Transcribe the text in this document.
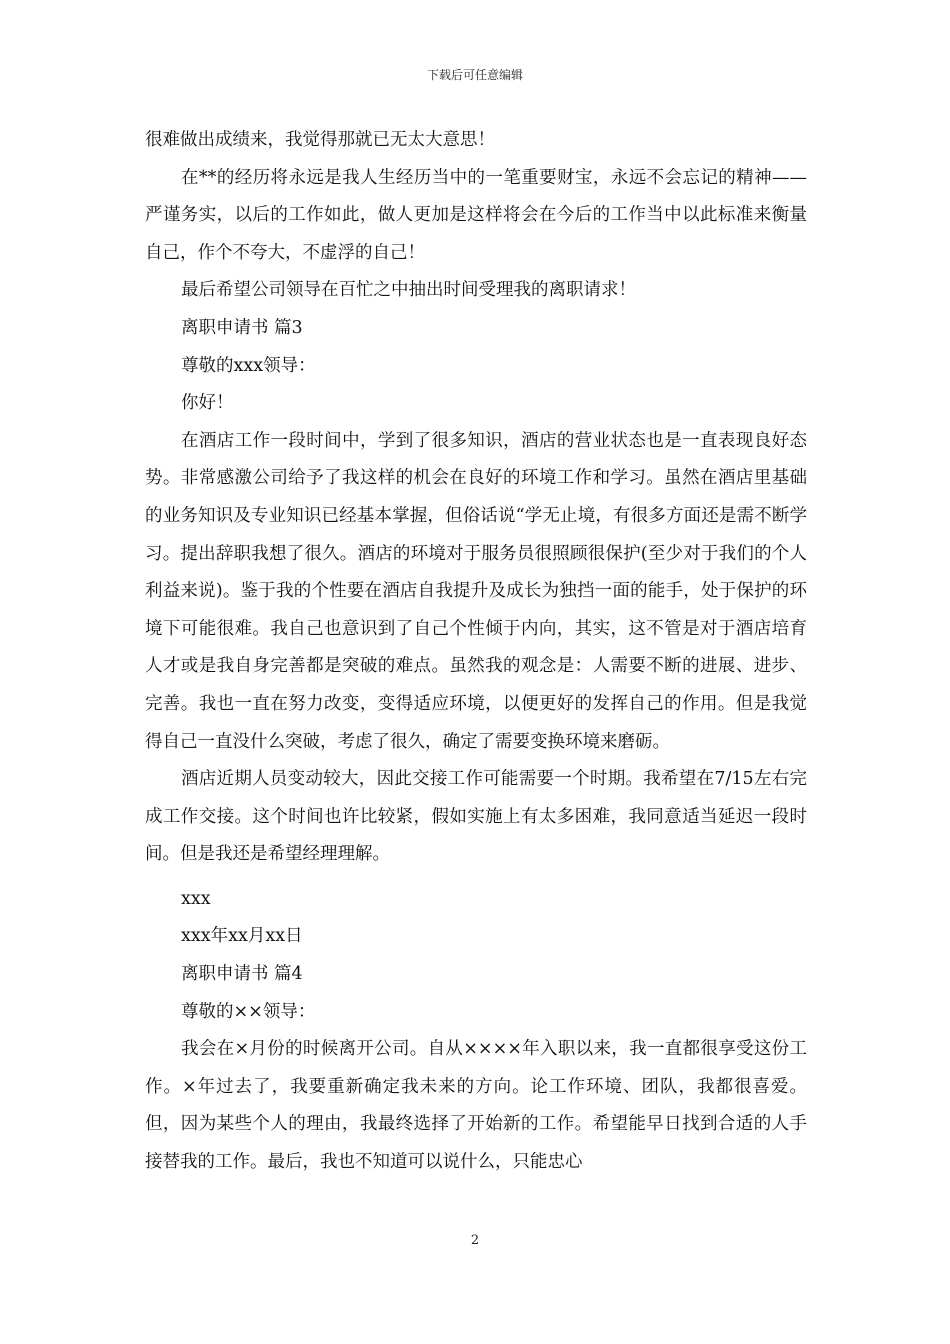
下载后可任意编辑

很难做出成绩来，我觉得那就已无太大意思！

在**的经历将永远是我人生经历当中的一笔重要财宝，永远不会忘记的精神——严谨务实，以后的工作如此，做人更加是这样将会在今后的工作当中以此标准来衡量自己，作个不夸大，不虚浮的自己！

最后希望公司领导在百忙之中抽出时间受理我的离职请求！

离职申请书 篇3

尊敬的xxx领导：

你好！

在酒店工作一段时间中，学到了很多知识，酒店的营业状态也是一直表现良好态势。非常感激公司给予了我这样的机会在良好的环境工作和学习。虽然在酒店里基础的业务知识及专业知识已经基本掌握，但俗话说“学无止境，有很多方面还是需不断学习。提出辞职我想了很久。酒店的环境对于服务员很照顾很保护(至少对于我们的个人利益来说)。鉴于我的个性要在酒店自我提升及成长为独挡一面的能手，处于保护的环境下可能很难。我自己也意识到了自己个性倾于内向，其实，这不管是对于酒店培育人才或是我自身完善都是突破的难点。虽然我的观念是：人需要不断的进展、进步、完善。我也一直在努力改变，变得适应环境，以便更好的发挥自己的作用。但是我觉得自己一直没什么突破，考虑了很久，确定了需要变换环境来磨砺。

酒店近期人员变动较大，因此交接工作可能需要一个时期。我希望在7/15左右完成工作交接。这个时间也许比较紧，假如实施上有太多困难，我同意适当延迟一段时间。但是我还是希望经理理解。

xxx

xxx年xx月xx日

离职申请书 篇4

尊敬的××领导：

我会在×月份的时候离开公司。自从××××年入职以来，我一直都很享受这份工作。×年过去了，我要重新确定我未来的方向。论工作环境、团队，我都很喜爱。但，因为某些个人的理由，我最终选择了开始新的工作。希望能早日找到合适的人手接替我的工作。最后，我也不知道可以说什么，只能忠心

2
